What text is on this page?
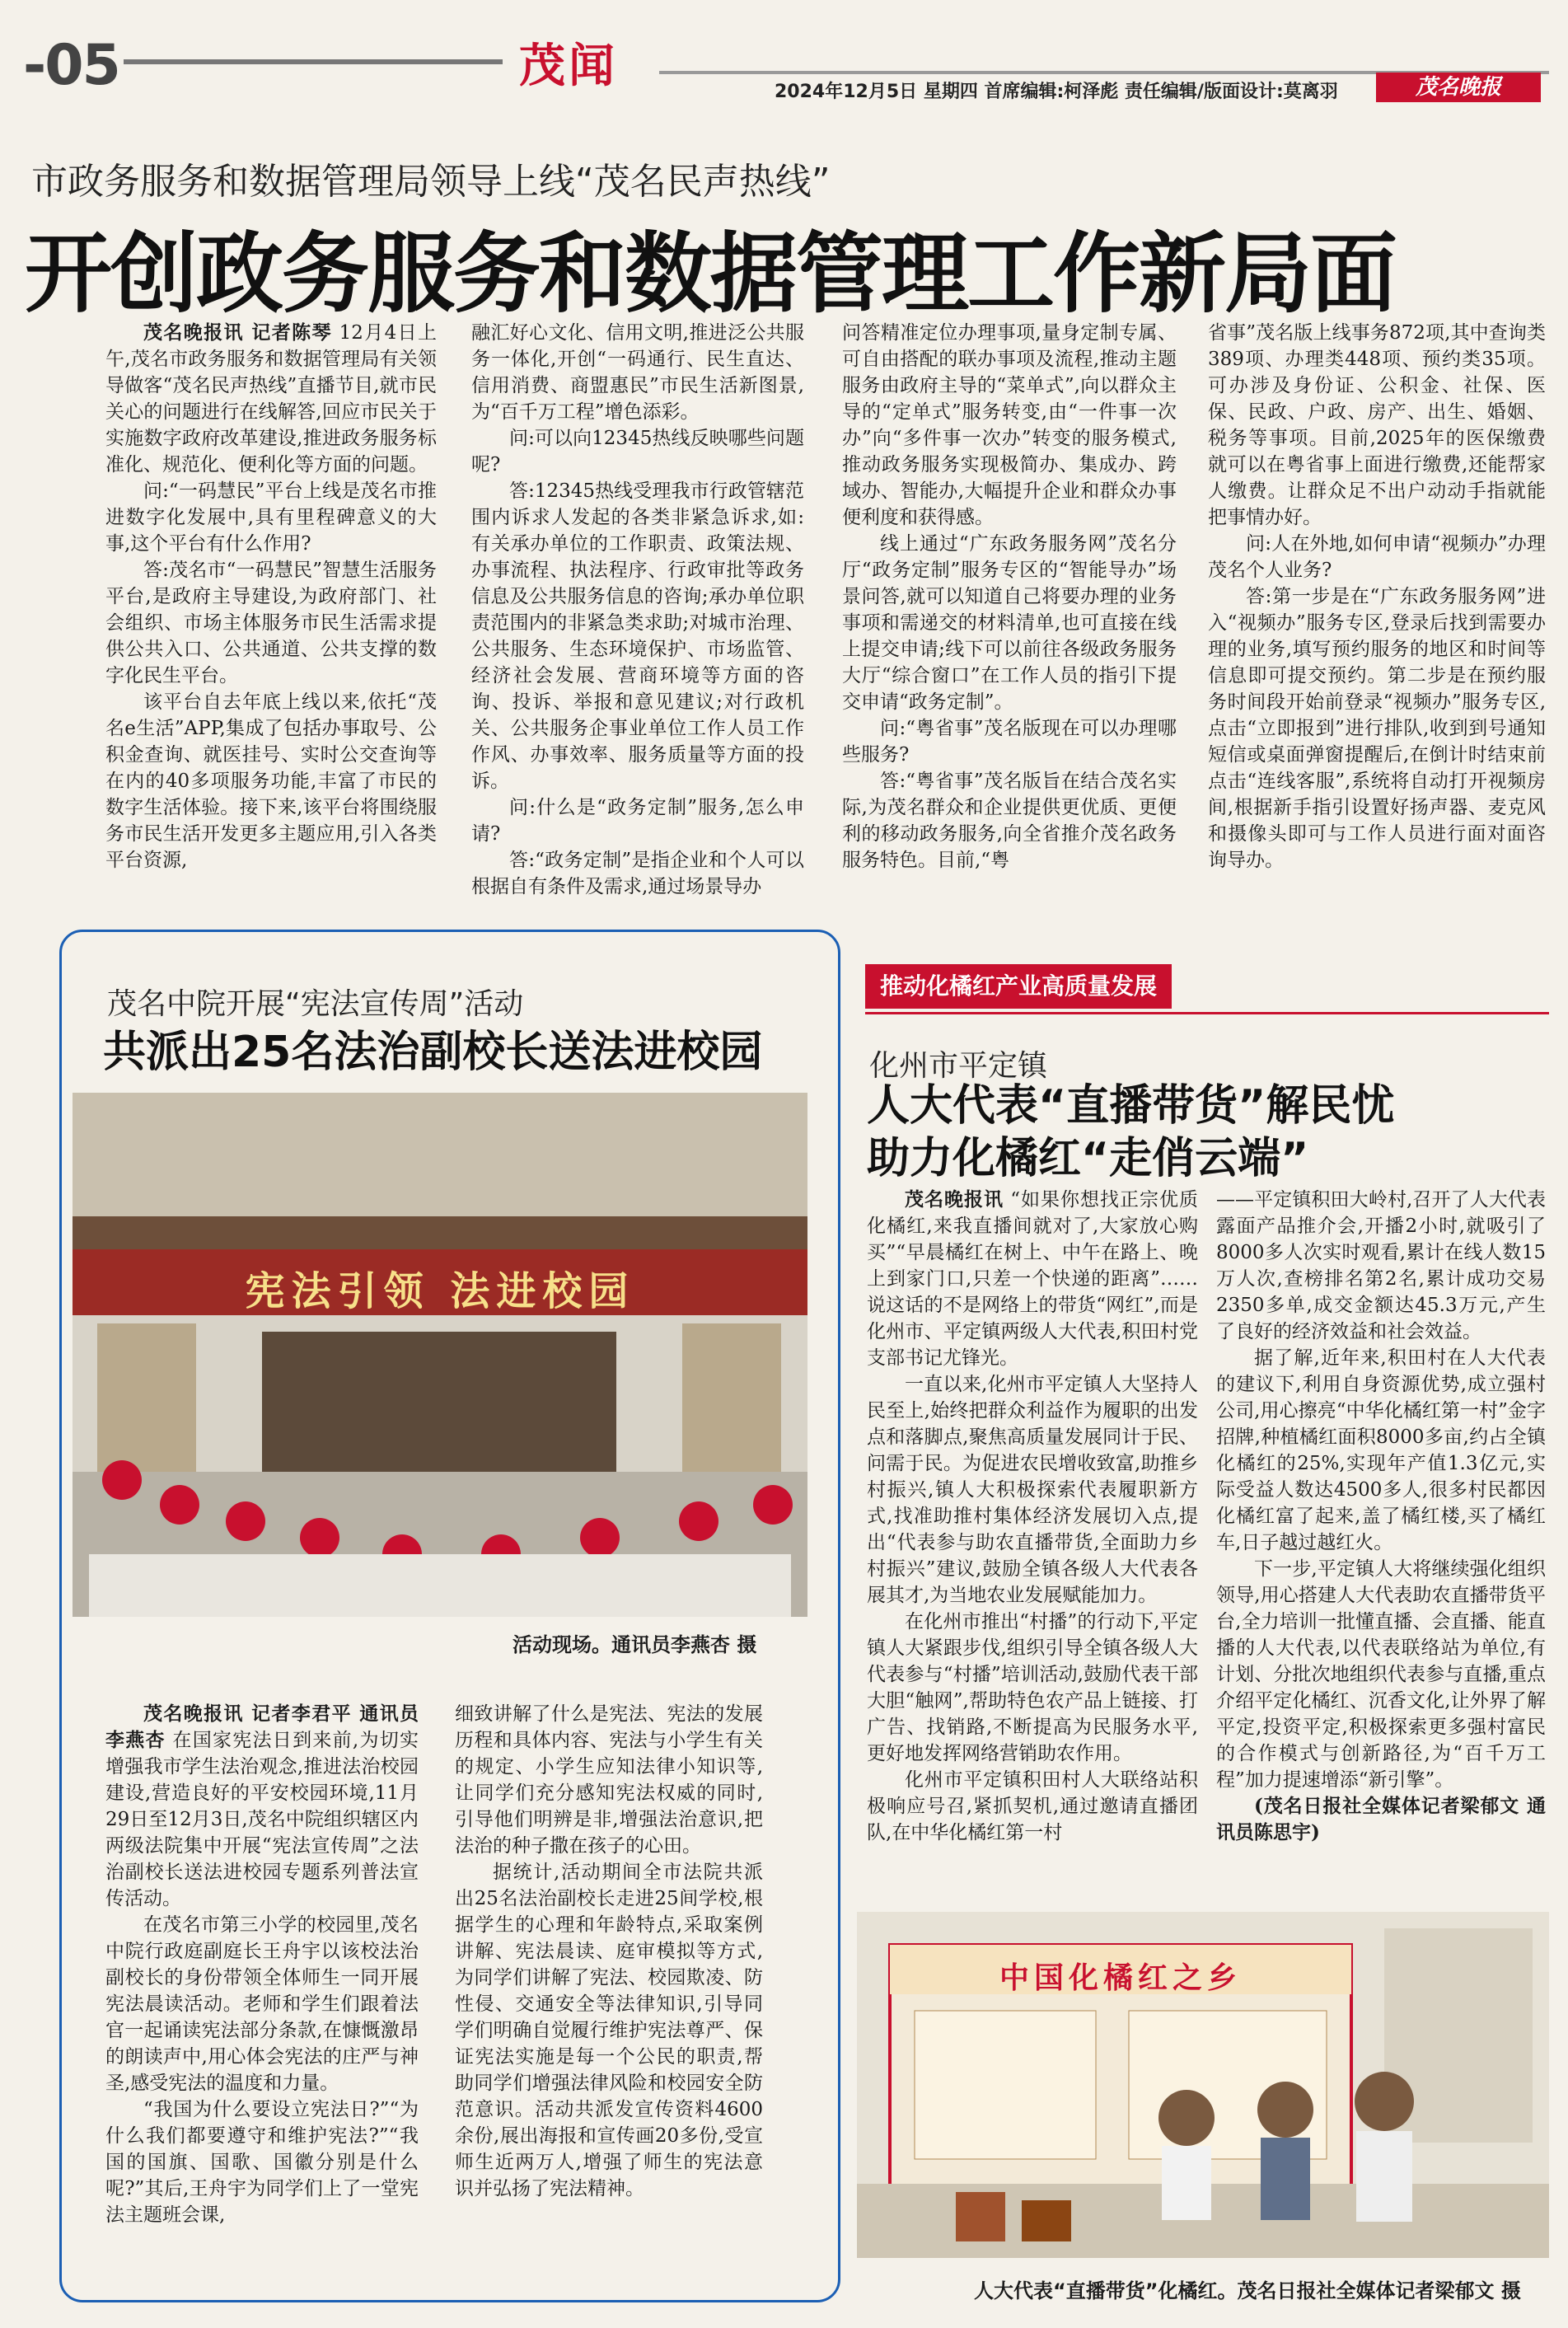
-05	茂闻	2024年12月5日 星期四 首席编辑:柯泽彪 责任编辑/版面设计:莫离羽	茂名晚报
市政务服务和数据管理局领导上线“茂名民声热线”
开创政务服务和数据管理工作新局面

茂名晚报讯 记者陈琴 12月4日上午,茂名市政务服务和数据管理局有关领导做客“茂名民声热线”直播节目,就市民关心的问题进行在线解答,回应市民关于实施数字政府改革建设,推进政务服务标准化、规范化、便利化等方面的问题。

问:“一码慧民”平台上线是茂名市推进数字化发展中,具有里程碑意义的大事,这个平台有什么作用?

答:茂名市“一码慧民”智慧生活服务平台,是政府主导建设,为政府部门、社会组织、市场主体服务市民生活需求提供公共入口、公共通道、公共支撑的数字化民生平台。

该平台自去年底上线以来,依托“茂名e生活”APP,集成了包括办事取号、公积金查询、就医挂号、实时公交查询等在内的40多项服务功能,丰富了市民的数字生活体验。接下来,该平台将围绕服务市民生活开发更多主题应用,引入各类平台资源,

融汇好心文化、信用文明,推进泛公共服务一体化,开创“一码通行、民生直达、信用消费、商盟惠民”市民生活新图景,为“百千万工程”增色添彩。

问:可以向12345热线反映哪些问题呢?

答:12345热线受理我市行政管辖范围内诉求人发起的各类非紧急诉求,如:有关承办单位的工作职责、政策法规、办事流程、执法程序、行政审批等政务信息及公共服务信息的咨询;承办单位职责范围内的非紧急类求助;对城市治理、公共服务、生态环境保护、市场监管、经济社会发展、营商环境等方面的咨询、投诉、举报和意见建议;对行政机关、公共服务企事业单位工作人员工作作风、办事效率、服务质量等方面的投诉。

问:什么是“政务定制”服务,怎么申请?

答:“政务定制”是指企业和个人可以根据自有条件及需求,通过场景导办

问答精准定位办理事项,量身定制专属、可自由搭配的联办事项及流程,推动主题服务由政府主导的“菜单式”,向以群众主导的“定单式”服务转变,由“一件事一次办”向“多件事一次办”转变的服务模式,推动政务服务实现极简办、集成办、跨域办、智能办,大幅提升企业和群众办事便利度和获得感。

线上通过“广东政务服务网”茂名分厅“政务定制”服务专区的“智能导办”场景问答,就可以知道自己将要办理的业务事项和需递交的材料清单,也可直接在线上提交申请;线下可以前往各级政务服务大厅“综合窗口”在工作人员的指引下提交申请“政务定制”。

问:“粤省事”茂名版现在可以办理哪些服务?

答:“粤省事”茂名版旨在结合茂名实际,为茂名群众和企业提供更优质、更便利的移动政务服务,向全省推介茂名政务服务特色。目前,“粤

省事”茂名版上线事务872项,其中查询类389项、办理类448项、预约类35项。可办涉及身份证、公积金、社保、医保、民政、户政、房产、出生、婚姻、税务等事项。目前,2025年的医保缴费就可以在粤省事上面进行缴费,还能帮家人缴费。让群众足不出户动动手指就能把事情办好。

问:人在外地,如何申请“视频办”办理茂名个人业务?

答:第一步是在“广东政务服务网”进入“视频办”服务专区,登录后找到需要办理的业务,填写预约服务的地区和时间等信息即可提交预约。第二步是在预约服务时间段开始前登录“视频办”服务专区,点击“立即报到”进行排队,收到到号通知短信或桌面弹窗提醒后,在倒计时结束前点击“连线客服”,系统将自动打开视频房间,根据新手指引设置好扬声器、麦克风和摄像头即可与工作人员进行面对面咨询导办。

茂名中院开展“宪法宣传周”活动
共派出25名法治副校长送法进校园
宪法引领 法进校园
活动现场。通讯员李燕杏 摄

茂名晚报讯 记者李君平 通讯员李燕杏 在国家宪法日到来前,为切实增强我市学生法治观念,推进法治校园建设,营造良好的平安校园环境,11月29日至12月3日,茂名中院组织辖区内两级法院集中开展“宪法宣传周”之法治副校长送法进校园专题系列普法宣传活动。

在茂名市第三小学的校园里,茂名中院行政庭副庭长王舟宇以该校法治副校长的身份带领全体师生一同开展宪法晨读活动。老师和学生们跟着法官一起诵读宪法部分条款,在慷慨激昂的朗读声中,用心体会宪法的庄严与神圣,感受宪法的温度和力量。

“我国为什么要设立宪法日?”“为什么我们都要遵守和维护宪法?”“我国的国旗、国歌、国徽分别是什么呢?”其后,王舟宇为同学们上了一堂宪法主题班会课,

细致讲解了什么是宪法、宪法的发展历程和具体内容、宪法与小学生有关的规定、小学生应知法律小知识等,让同学们充分感知宪法权威的同时,引导他们明辨是非,增强法治意识,把法治的种子撒在孩子的心田。

据统计,活动期间全市法院共派出25名法治副校长走进25间学校,根据学生的心理和年龄特点,采取案例讲解、宪法晨读、庭审模拟等方式,为同学们讲解了宪法、校园欺凌、防性侵、交通安全等法律知识,引导同学们明确自觉履行维护宪法尊严、保证宪法实施是每一个公民的职责,帮助同学们增强法律风险和校园安全防范意识。活动共派发宣传资料4600余份,展出海报和宣传画20多份,受宣师生近两万人,增强了师生的宪法意识并弘扬了宪法精神。

推动化橘红产业高质量发展
化州市平定镇
人大代表“直播带货”解民忧
助力化橘红“走俏云端”

茂名晚报讯 “如果你想找正宗优质化橘红,来我直播间就对了,大家放心购买”“早晨橘红在树上、中午在路上、晚上到家门口,只差一个快递的距离”……说这话的不是网络上的带货“网红”,而是化州市、平定镇两级人大代表,积田村党支部书记尤锋光。

一直以来,化州市平定镇人大坚持人民至上,始终把群众利益作为履职的出发点和落脚点,聚焦高质量发展同计于民、问需于民。为促进农民增收致富,助推乡村振兴,镇人大积极探索代表履职新方式,找准助推村集体经济发展切入点,提出“代表参与助农直播带货,全面助力乡村振兴”建议,鼓励全镇各级人大代表各展其才,为当地农业发展赋能加力。

在化州市推出“村播”的行动下,平定镇人大紧跟步伐,组织引导全镇各级人大代表参与“村播”培训活动,鼓励代表干部大胆“触网”,帮助特色农产品上链接、打广告、找销路,不断提高为民服务水平,更好地发挥网络营销助农作用。

化州市平定镇积田村人大联络站积极响应号召,紧抓契机,通过邀请直播团队,在中华化橘红第一村

——平定镇积田大岭村,召开了人大代表露面产品推介会,开播2小时,就吸引了8000多人次实时观看,累计在线人数15万人次,查榜排名第2名,累计成功交易2350多单,成交金额达45.3万元,产生了良好的经济效益和社会效益。

据了解,近年来,积田村在人大代表的建议下,利用自身资源优势,成立强村公司,用心擦亮“中华化橘红第一村”金字招牌,种植橘红面积8000多亩,约占全镇化橘红的25%,实现年产值1.3亿元,实际受益人数达4500多人,很多村民都因化橘红富了起来,盖了橘红楼,买了橘红车,日子越过越红火。

下一步,平定镇人大将继续强化组织领导,用心搭建人大代表助农直播带货平台,全力培训一批懂直播、会直播、能直播的人大代表,以代表联络站为单位,有计划、分批次地组织代表参与直播,重点介绍平定化橘红、沉香文化,让外界了解平定,投资平定,积极探索更多强村富民的合作模式与创新路径,为“百千万工程”加力提速增添“新引擎”。

(茂名日报社全媒体记者梁郁文 通讯员陈思宇)

中国化橘红之乡
人大代表“直播带货”化橘红。茂名日报社全媒体记者梁郁文 摄
